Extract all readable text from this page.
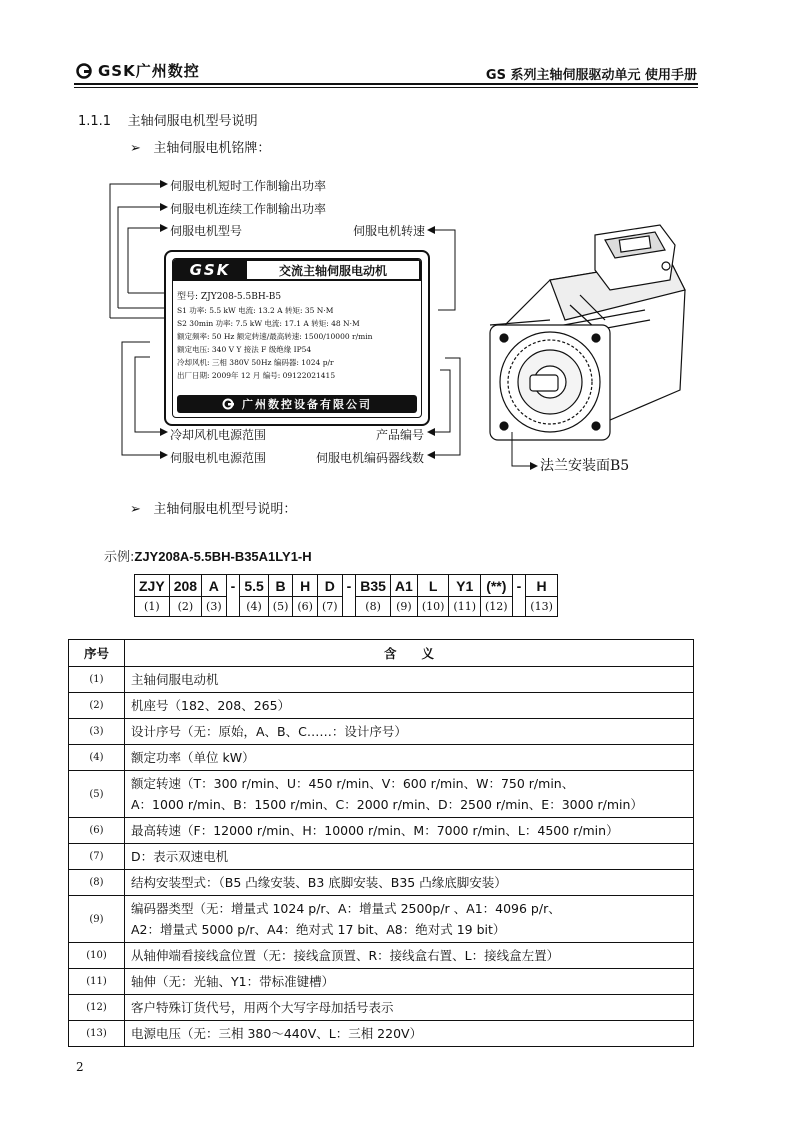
GSK广州数控	GS 系列主轴伺服驱动单元 使用手册
1.1.1 主轴伺服电机型号说明
➢ 主轴伺服电机铭牌：
伺服电机短时工作制输出功率
伺服电机连续工作制输出功率
伺服电机型号	伺服电机转速
冷却风机电源范围	产品编号
伺服电机电源范围	伺服电机编码器线数
GSK	交流主轴伺服电动机
型号: ZJY208-5.5BH-B5
S1 功率: 5.5 kW 电流: 13.2 A 转矩: 35 N·M
S2 30min 功率: 7.5 kW 电流: 17.1 A 转矩: 48 N·M
额定频率: 50 Hz 额定转速/最高转速: 1500/10000 r/min
额定电压: 340 V Y 接法 F 级绝缘 IP54
冷却风机: 三相 380V 50Hz 编码器: 1024 p/r
出厂日期: 2009年 12 月 编号: 09122021415
广州数控设备有限公司
法兰安装面B5
➢ 主轴伺服电机型号说明：
示例:ZJY208A-5.5BH-B35A1LY1-H
ZJY	208	A	-	5.5	B	H	D	-	B35	A1	L	Y1	(**)	-	H
(1)	(2)	(3)		(4)	(5)	(6)	(7)		(8)	(9)	(10)	(11)	(12)		(13)
序号	含　　义
(1)	主轴伺服电动机

(2)	机座号（182、208、265）

(3)	设计序号（无：原始，A、B、C……：设计序号）

(4)	额定功率（单位 kW）

(5)	额定转速（T：300 r/min、U：450 r/min、V：600 r/min、W：750 r/min、
A：1000 r/min、B：1500 r/min、C：2000 r/min、D：2500 r/min、E：3000 r/min）

(6)	最高转速（F：12000 r/min、H：10000 r/min、M：7000 r/min、L：4500 r/min）

(7)	D：表示双速电机

(8)	结构安装型式：（B5 凸缘安装、B3 底脚安装、B35 凸缘底脚安装）

(9)	编码器类型（无：增量式 1024 p/r、A：增量式 2500p/r 、A1：4096 p/r、
A2：增量式 5000 p/r、A4：绝对式 17 bit、A8：绝对式 19 bit）

(10)	从轴伸端看接线盒位置（无：接线盒顶置、R：接线盒右置、L：接线盒左置）

(11)	轴伸（无：光轴、Y1：带标准键槽）

(12)	客户特殊订货代号，用两个大写字母加括号表示

(13)	电源电压（无：三相 380～440V、L：三相 220V）
2
